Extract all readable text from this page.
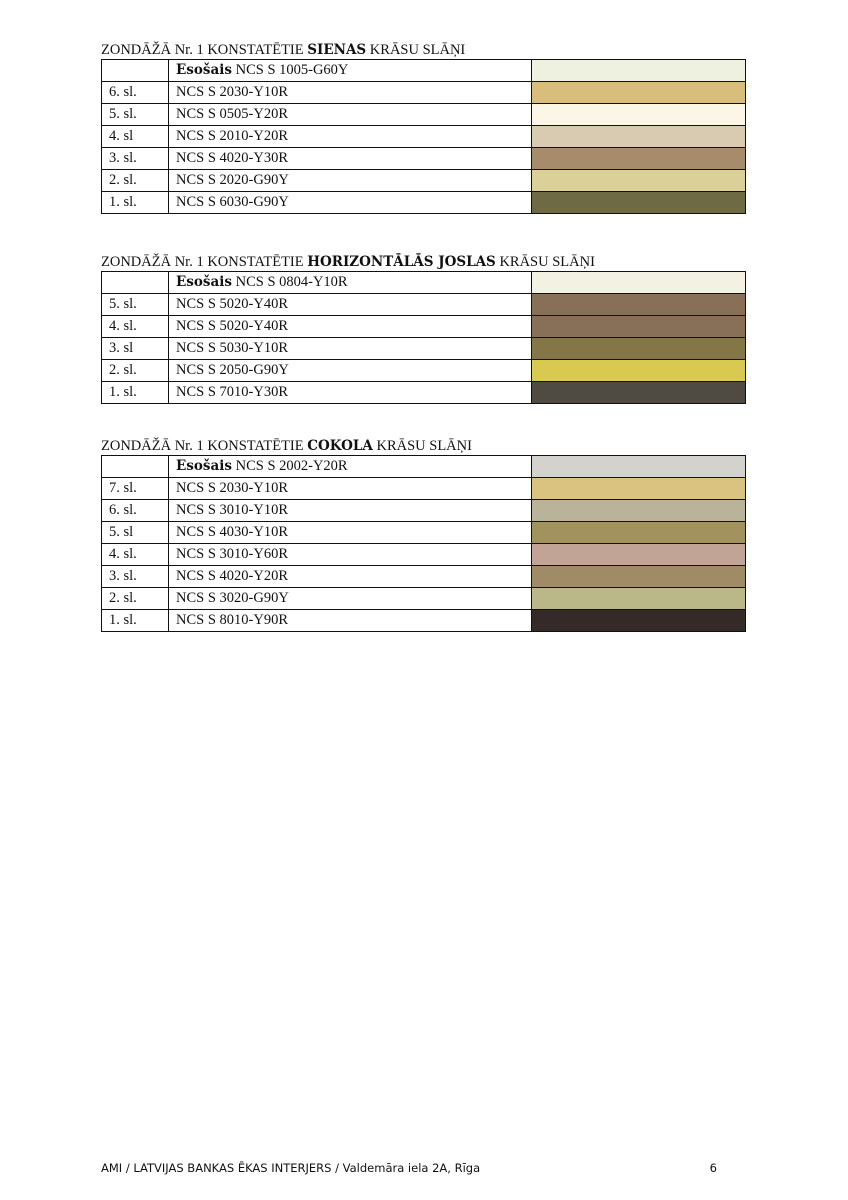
ZONDĀŽĀ Nr. 1 KONSTATĒTIE SIENAS KRĀSU SLĀŅI
	Esošais NCS S 1005-G60Y	

6. sl.	NCS S 2030-Y10R	

5. sl.	NCS S 0505-Y20R	

4. sl	NCS S 2010-Y20R	

3. sl.	NCS S 4020-Y30R	

2. sl.	NCS S 2020-G90Y	

1. sl.	NCS S 6030-G90Y	
ZONDĀŽĀ Nr. 1 KONSTATĒTIE HORIZONTĀLĀS JOSLAS KRĀSU SLĀŅI
	Esošais NCS S 0804-Y10R	

5. sl.	NCS S 5020-Y40R	

4. sl.	NCS S 5020-Y40R	

3. sl	NCS S 5030-Y10R	

2. sl.	NCS S 2050-G90Y	

1. sl.	NCS S 7010-Y30R	
ZONDĀŽĀ Nr. 1 KONSTATĒTIE COKOLA KRĀSU SLĀŅI
	Esošais NCS S 2002-Y20R	

7. sl.	NCS S 2030-Y10R	

6. sl.	NCS S 3010-Y10R	

5. sl	NCS S 4030-Y10R	

4. sl.	NCS S 3010-Y60R	

3. sl.	NCS S 4020-Y20R	

2. sl.	NCS S 3020-G90Y	

1. sl.	NCS S 8010-Y90R	
AMI / LATVIJAS BANKAS ĒKAS INTERJERS / Valdemāra iela 2A, Rīga	6
